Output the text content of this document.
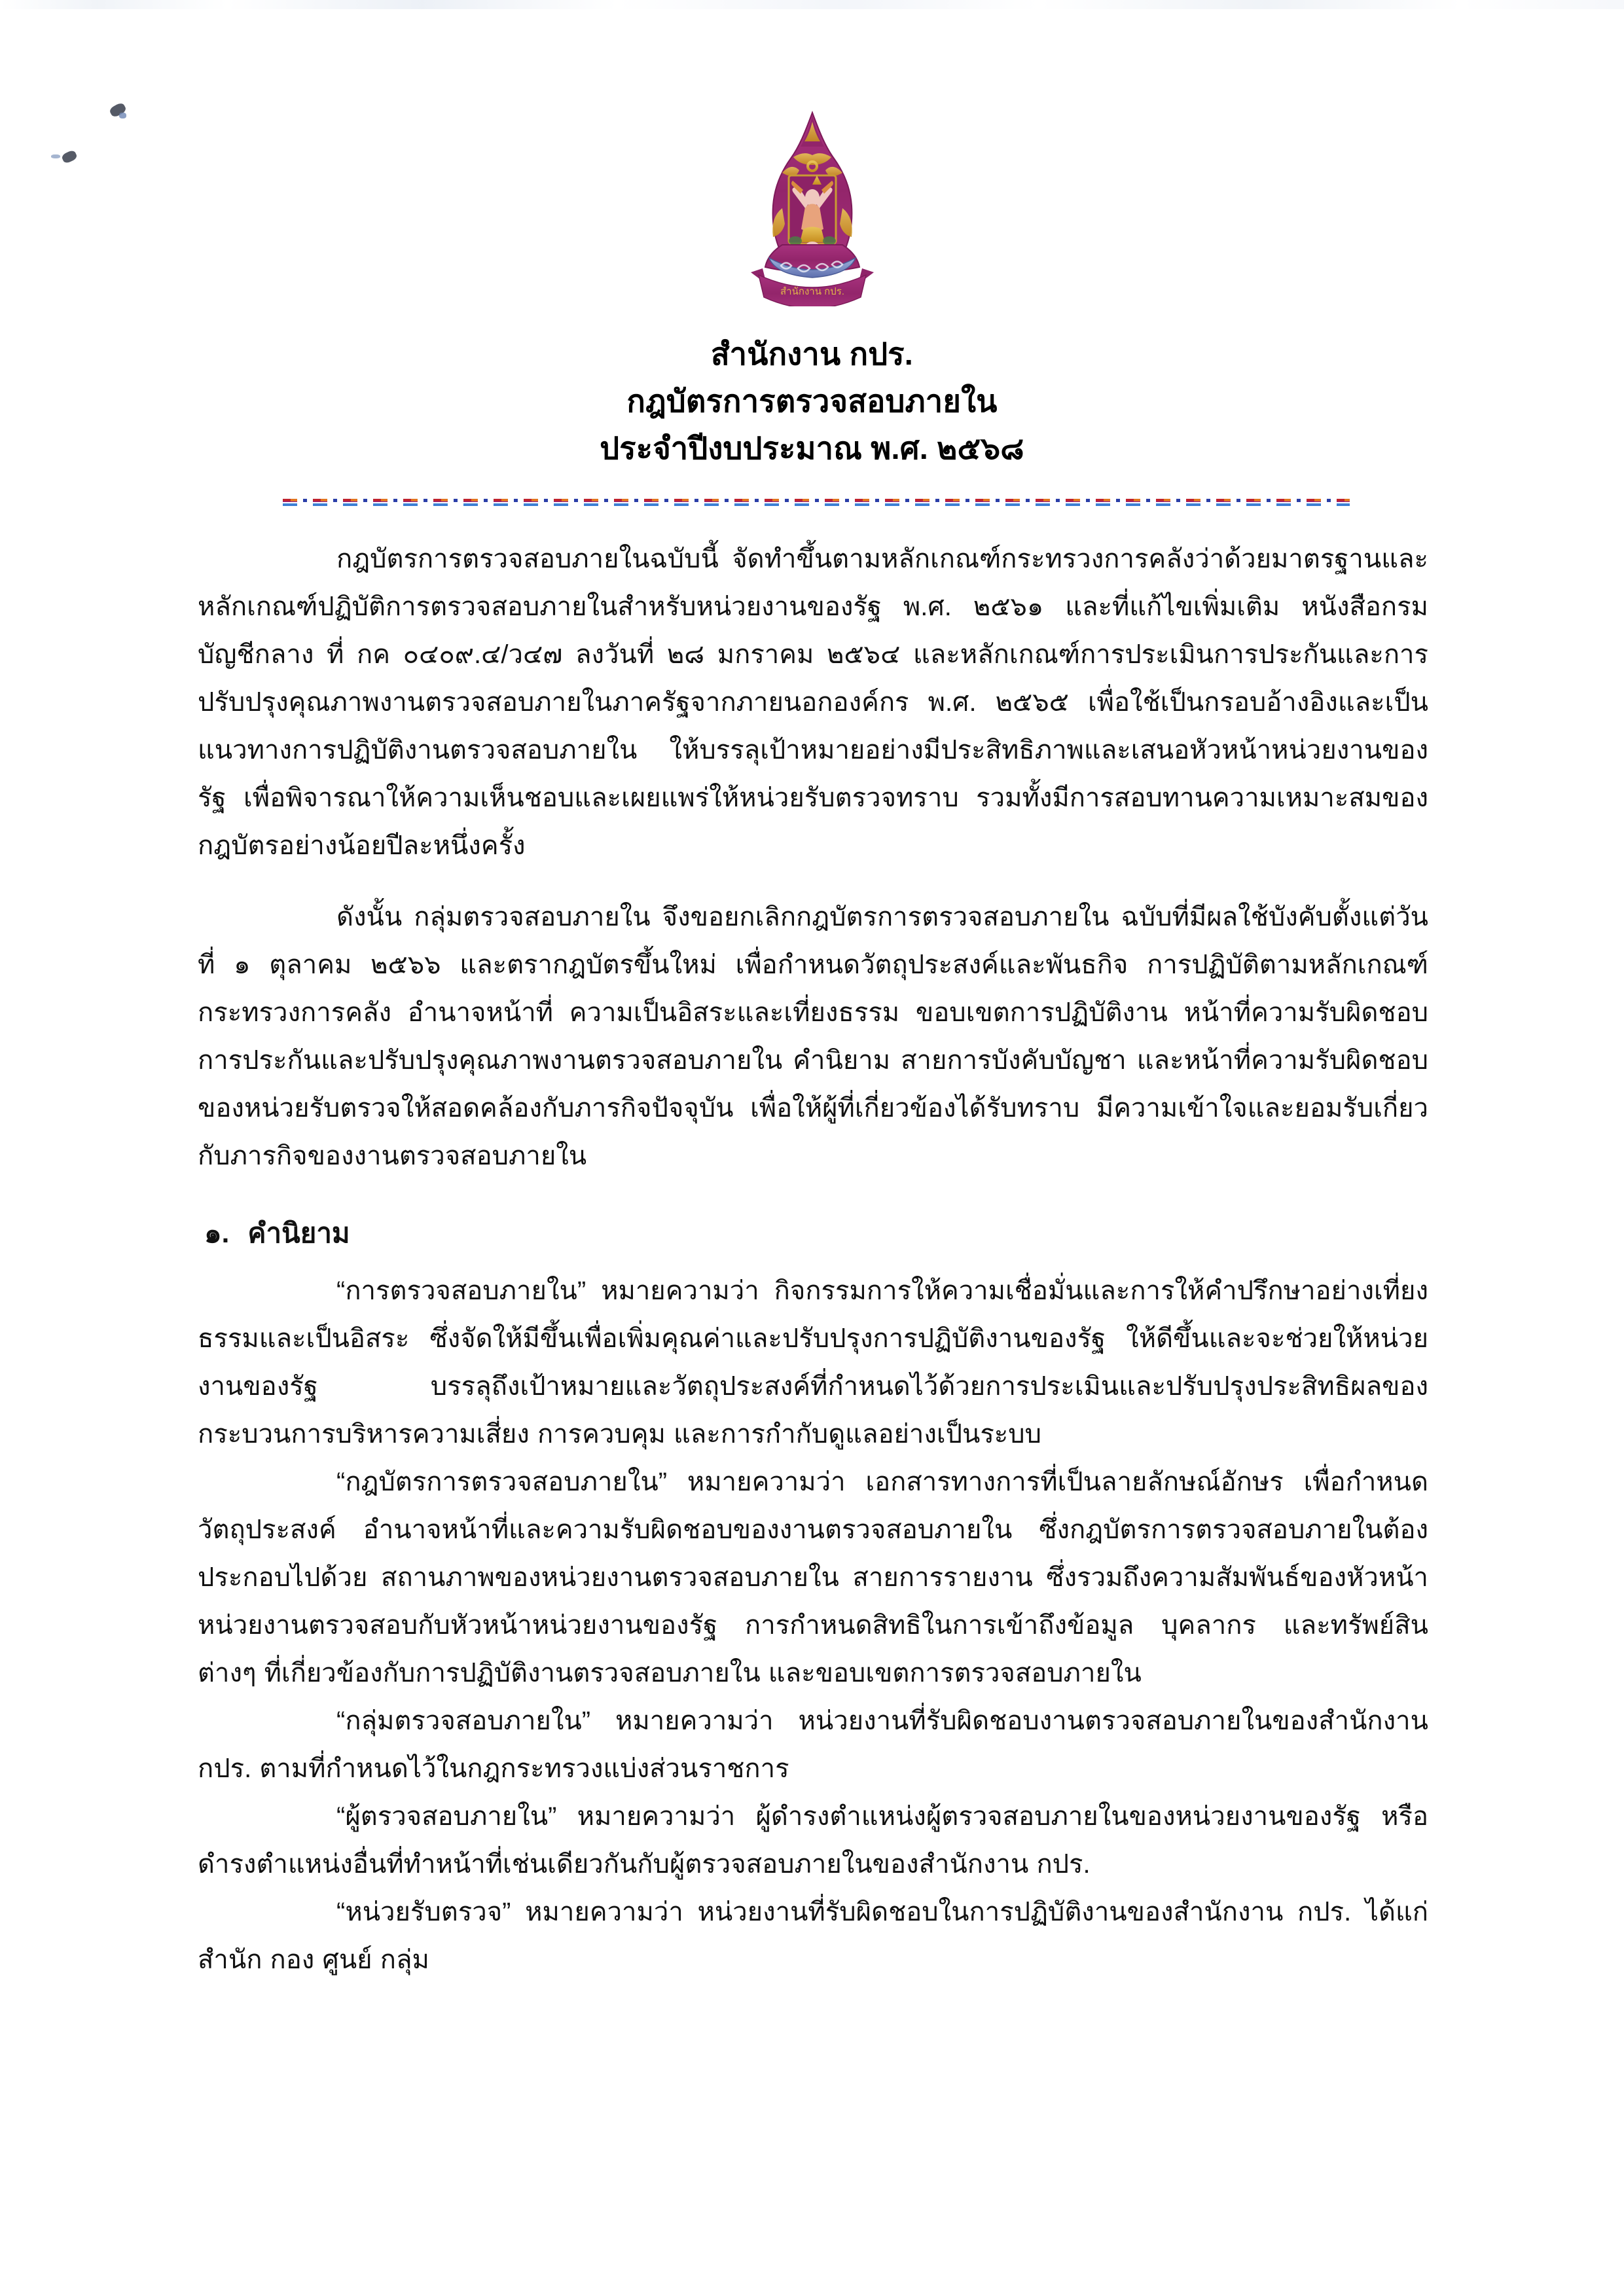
สำนักงาน กปร.
สำนักงาน กปร.
กฎบัตรการตรวจสอบภายใน
ประจำปีงบประมาณ พ.ศ. ๒๕๖๘

กฎบัตรการตรวจสอบภายในฉบับนี้ จัดทำขึ้นตามหลักเกณฑ์กระทรวงการคลังว่าด้วยมาตรฐานและหลักเกณฑ์ปฏิบัติการตรวจสอบภายในสำหรับหน่วยงานของรัฐ พ.ศ. ๒๕๖๑ และที่แก้ไขเพิ่มเติม หนังสือกรมบัญชีกลาง ที่ กค ๐๔๐๙.๔/ว๔๗ ลงวันที่ ๒๘ มกราคม ๒๕๖๔ และหลักเกณฑ์การประเมินการประกันและการปรับปรุงคุณภาพงานตรวจสอบภายในภาครัฐจากภายนอกองค์กร พ.ศ. ๒๕๖๕ เพื่อใช้เป็นกรอบอ้างอิงและเป็นแนวทางการปฏิบัติงานตรวจสอบภายใน ให้บรรลุเป้าหมายอย่างมีประสิทธิภาพและเสนอหัวหน้าหน่วยงานของรัฐ เพื่อพิจารณาให้ความเห็นชอบและเผยแพร่ให้หน่วยรับตรวจทราบ รวมทั้งมีการสอบทานความเหมาะสมของกฎบัตรอย่างน้อยปีละหนึ่งครั้ง

ดังนั้น กลุ่มตรวจสอบภายใน จึงขอยกเลิกกฎบัตรการตรวจสอบภายใน ฉบับที่มีผลใช้บังคับตั้งแต่วันที่ ๑ ตุลาคม ๒๕๖๖ และตรากฎบัตรขึ้นใหม่ เพื่อกำหนดวัตถุประสงค์และพันธกิจ การปฏิบัติตามหลักเกณฑ์กระทรวงการคลัง อำนาจหน้าที่ ความเป็นอิสระและเที่ยงธรรม ขอบเขตการปฏิบัติงาน หน้าที่ความรับผิดชอบการประกันและปรับปรุงคุณภาพงานตรวจสอบภายใน คำนิยาม สายการบังคับบัญชา และหน้าที่ความรับผิดชอบของหน่วยรับตรวจให้สอดคล้องกับภารกิจปัจจุบัน เพื่อให้ผู้ที่เกี่ยวข้องได้รับทราบ มีความเข้าใจและยอมรับเกี่ยวกับภารกิจของงานตรวจสอบภายใน

๑. คำนิยาม

“การตรวจสอบภายใน” หมายความว่า กิจกรรมการให้ความเชื่อมั่นและการให้คำปรึกษาอย่างเที่ยงธรรมและเป็นอิสระ ซึ่งจัดให้มีขึ้นเพื่อเพิ่มคุณค่าและปรับปรุงการปฏิบัติงานของรัฐ ให้ดีขึ้นและจะช่วยให้หน่วยงานของรัฐ บรรลุถึงเป้าหมายและวัตถุประสงค์ที่กำหนดไว้ด้วยการประเมินและปรับปรุงประสิทธิผลของกระบวนการบริหารความเสี่ยง การควบคุม และการกำกับดูแลอย่างเป็นระบบ

“กฎบัตรการตรวจสอบภายใน” หมายความว่า เอกสารทางการที่เป็นลายลักษณ์อักษร เพื่อกำหนดวัตถุประสงค์ อำนาจหน้าที่และความรับผิดชอบของงานตรวจสอบภายใน ซึ่งกฎบัตรการตรวจสอบภายในต้องประกอบไปด้วย สถานภาพของหน่วยงานตรวจสอบภายใน สายการรายงาน ซึ่งรวมถึงความสัมพันธ์ของหัวหน้าหน่วยงานตรวจสอบกับหัวหน้าหน่วยงานของรัฐ การกำหนดสิทธิในการเข้าถึงข้อมูล บุคลากร และทรัพย์สินต่างๆ ที่เกี่ยวข้องกับการปฏิบัติงานตรวจสอบภายใน และขอบเขตการตรวจสอบภายใน

“กลุ่มตรวจสอบภายใน” หมายความว่า หน่วยงานที่รับผิดชอบงานตรวจสอบภายในของสำนักงาน กปร. ตามที่กำหนดไว้ในกฎกระทรวงแบ่งส่วนราชการ

“ผู้ตรวจสอบภายใน” หมายความว่า ผู้ดำรงตำแหน่งผู้ตรวจสอบภายในของหน่วยงานของรัฐ หรือดำรงตำแหน่งอื่นที่ทำหน้าที่เช่นเดียวกันกับผู้ตรวจสอบภายในของสำนักงาน กปร.

“หน่วยรับตรวจ” หมายความว่า หน่วยงานที่รับผิดชอบในการปฏิบัติงานของสำนักงาน กปร. ได้แก่ สำนัก กอง ศูนย์ กลุ่ม
